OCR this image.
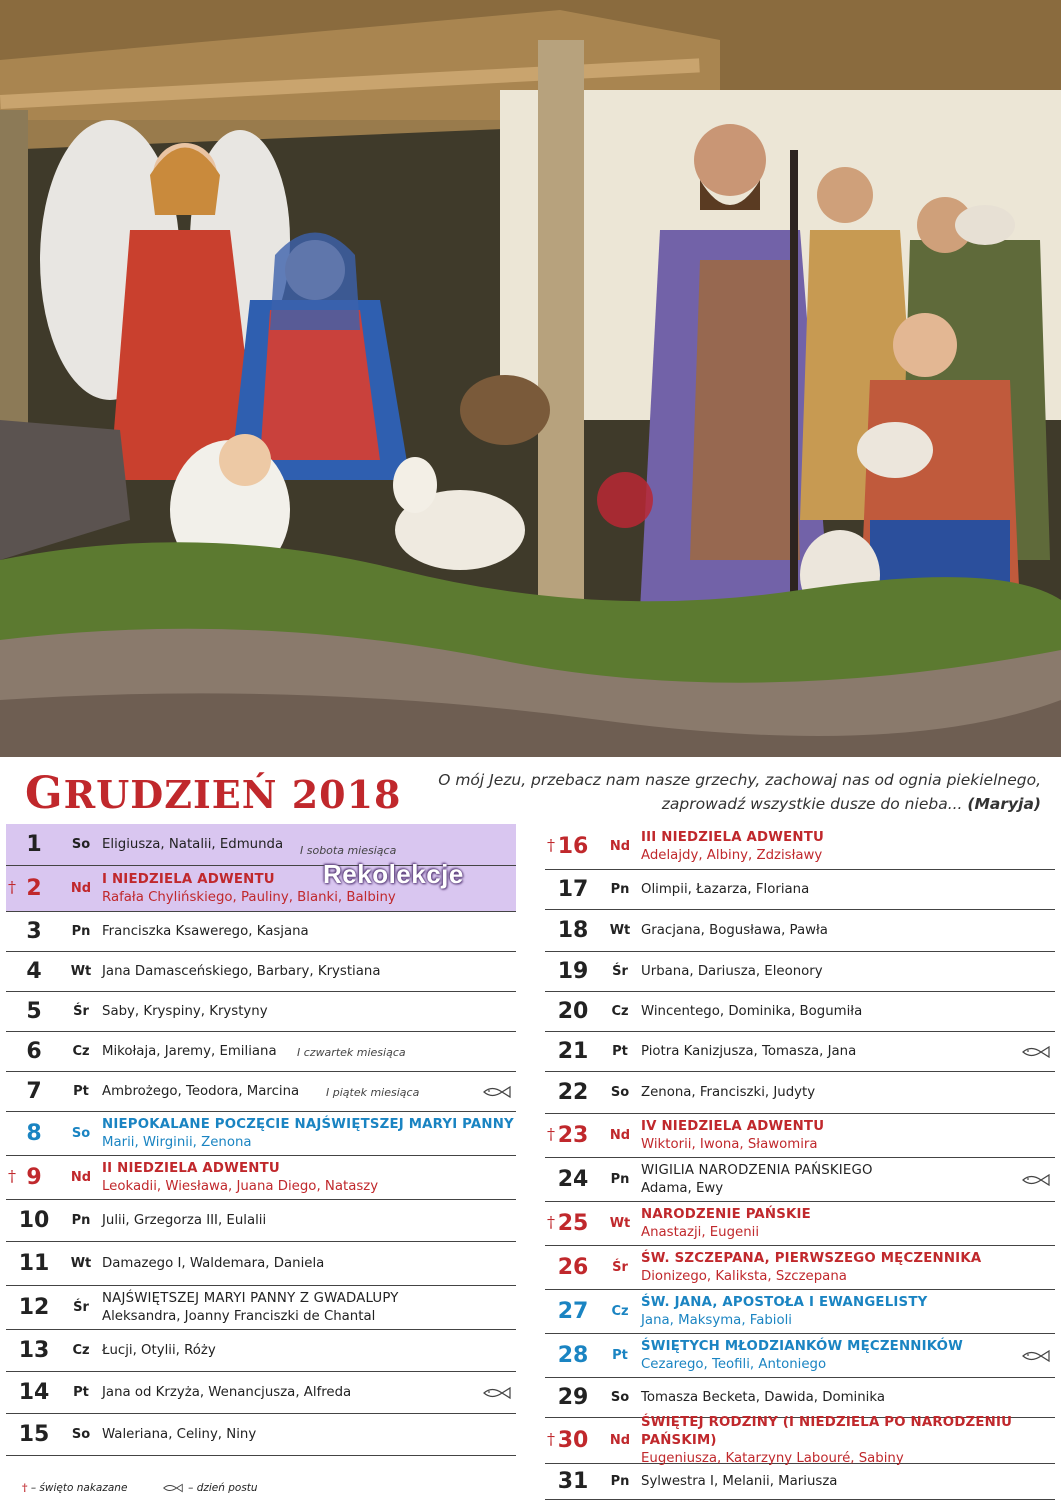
GRUDZIEŃ 2018	O mój Jezu, przebacz nam nasze grzechy, zachowaj nas od ognia piekielnego,
zaprowadź wszystkie dusze do nieba... (Maryja)
1	So Eligiusza, Natalii, Edmunda	I sobota miesiąca
† 2	Nd
I NIEDZIELA ADWENTU
Rafała Chylińskiego, Pauliny, Blanki, Balbiny
3	Pn Franciszka Ksawerego, Kasjana
4	Wt Jana Damasceńskiego, Barbary, Krystiana
5	Śr Saby, Kryspiny, Krystyny
6	Cz Mikołaja, Jaremy, Emiliana	I czwartek miesiąca
7	Pt Ambrożego, Teodora, Marcina	I piątek miesiąca
8	So
NIEPOKALANE POCZĘCIE NAJŚWIĘTSZEJ MARYI PANNY
Marii, Wirginii, Zenona
† 9	Nd
II NIEDZIELA ADWENTU
Leokadii, Wiesława, Juana Diego, Nataszy
10	Pn Julii, Grzegorza III, Eulalii
11	Wt Damazego I, Waldemara, Daniela
12	Śr
NAJŚWIĘTSZEJ MARYI PANNY Z GWADALUPY
Aleksandra, Joanny Franciszki de Chantal
13	Cz Łucji, Otylii, Róży
14	Pt Jana od Krzyża, Wenancjusza, Alfreda
15	So Waleriana, Celiny, Niny
† 16	Nd
III NIEDZIELA ADWENTU
Adelajdy, Albiny, Zdzisławy
17	Pn Olimpii, Łazarza, Floriana
18	Wt Gracjana, Bogusława, Pawła
19	Śr Urbana, Dariusza, Eleonory
20	Cz Wincentego, Dominika, Bogumiła
21	Pt Piotra Kanizjusza, Tomasza, Jana
22	So Zenona, Franciszki, Judyty
† 23	Nd
IV NIEDZIELA ADWENTU
Wiktorii, Iwona, Sławomira
24	Pn
WIGILIA NARODZENIA PAŃSKIEGO
Adama, Ewy
† 25	Wt
NARODZENIE PAŃSKIE
Anastazji, Eugenii
26	Śr
ŚW. SZCZEPANA, PIERWSZEGO MĘCZENNIKA
Dionizego, Kaliksta, Szczepana
27	Cz
ŚW. JANA, APOSTOŁA I EWANGELISTY
Jana, Maksyma, Fabioli
28	Pt
ŚWIĘTYCH MŁODZIANKÓW MĘCZENNIKÓW
Cezarego, Teofili, Antoniego
29	So Tomasza Becketa, Dawida, Dominika
† 30	Nd
ŚWIĘTEJ RODZINY (I NIEDZIELA PO NARODZENIU PAŃSKIM)
Eugeniusza, Katarzyny Labouré, Sabiny
31	Pn Sylwestra I, Melanii, Mariusza
Rekolekcje
† – święto nakazane	– dzień postu
